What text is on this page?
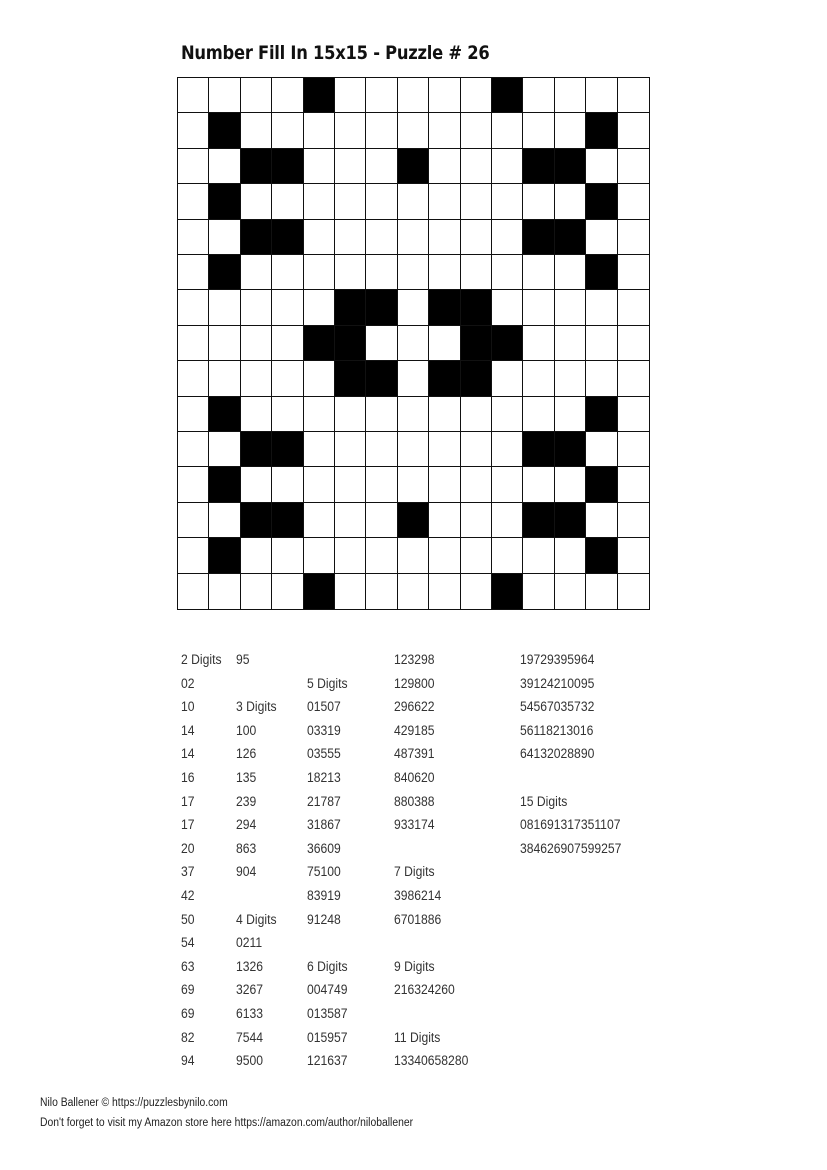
Number Fill In 15x15 - Puzzle # 26
2 Digits
02
10
14
14
16
17
17
20
37
42
50
54
63
69
69
82
94
95
3 Digits
100
126
135
239
294
863
904
4 Digits
0211
1326
3267
6133
7544
9500
5 Digits
01507
03319
03555
18213
21787
31867
36609
75100
83919
91248
6 Digits
004749
013587
015957
121637
123298
129800
296622
429185
487391
840620
880388
933174
7 Digits
3986214
6701886
9 Digits
216324260
11 Digits
13340658280
19729395964
39124210095
54567035732
56118213016
64132028890
15 Digits
081691317351107
384626907599257
Nilo Ballener © https://puzzlesbynilo.com
Don't forget to visit my Amazon store here https://amazon.com/author/niloballener
